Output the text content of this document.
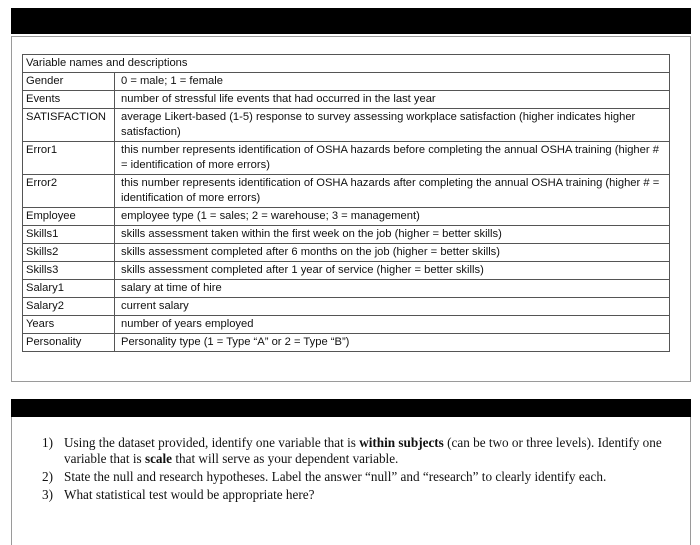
Variable names and descriptions	
Gender	0 = male; 1 = female
Events	number of stressful life events that had occurred in the last year
SATISFACTION	average Likert-based (1-5) response to survey assessing workplace satisfaction (higher indicates higher satisfaction)
Error1	this number represents identification of OSHA hazards before completing the annual OSHA training (higher # = identification of more errors)
Error2	this number represents identification of OSHA hazards after completing the annual OSHA training (higher # = identification of more errors)
Employee	employee type (1 = sales; 2 = warehouse; 3 = management)
Skills1	skills assessment taken within the first week on the job (higher = better skills)
Skills2	skills assessment completed after 6 months on the job (higher = better skills)
Skills3	skills assessment completed after 1 year of service (higher = better skills)
Salary1	salary at time of hire
Salary2	current salary
Years	number of years employed
Personality	Personality type (1 = Type “A” or 2 = Type “B”)
1) Using the dataset provided, identify one variable that is within subjects (can be two or three levels). Identify one variable that is scale that will serve as your dependent variable.
2) State the null and research hypotheses. Label the answer “null” and “research” to clearly identify each.
3) What statistical test would be appropriate here?
